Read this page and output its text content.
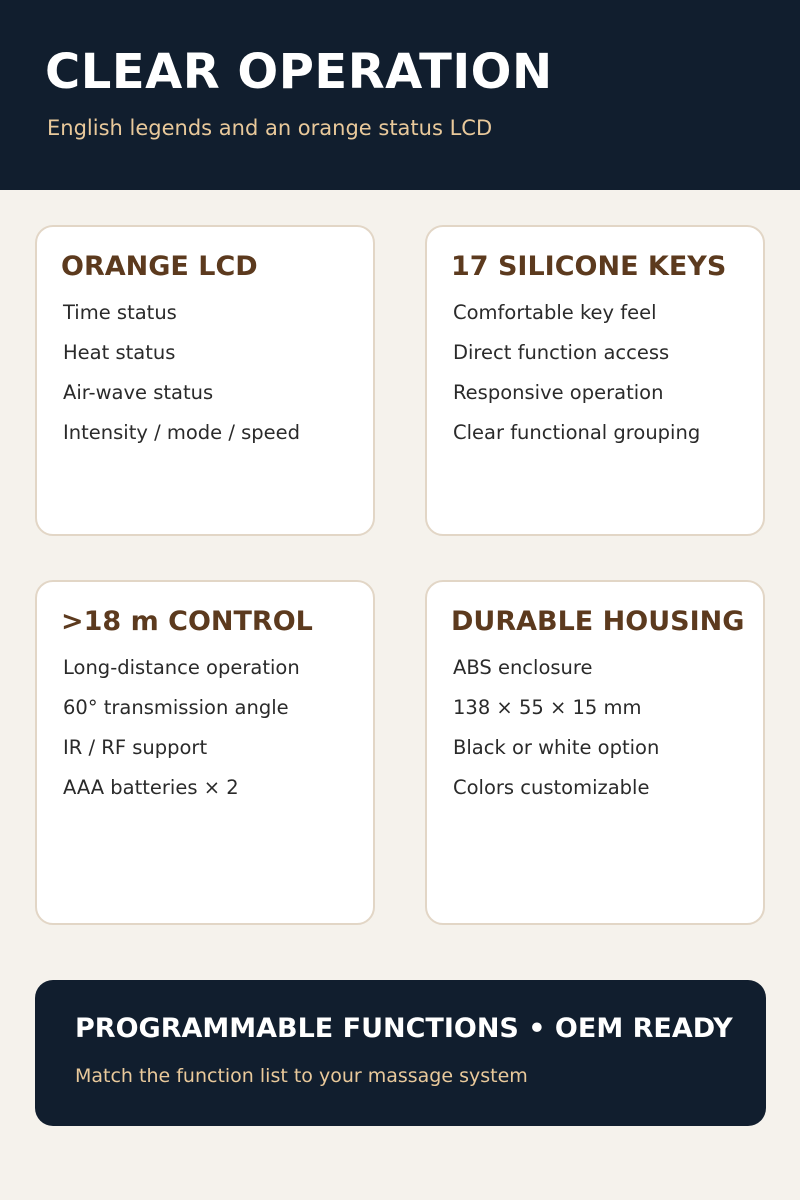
CLEAR OPERATION

English legends and an orange status LCD

ORANGE LCD
Time status
Heat status
Air-wave status
Intensity / mode / speed
17 SILICONE KEYS
Comfortable key feel
Direct function access
Responsive operation
Clear functional grouping
>18 m CONTROL
Long-distance operation
60° transmission angle
IR / RF support
AAA batteries × 2
DURABLE HOUSING
ABS enclosure
138 × 55 × 15 mm
Black or white option
Colors customizable
PROGRAMMABLE FUNCTIONS • OEM READY

Match the function list to your massage system
